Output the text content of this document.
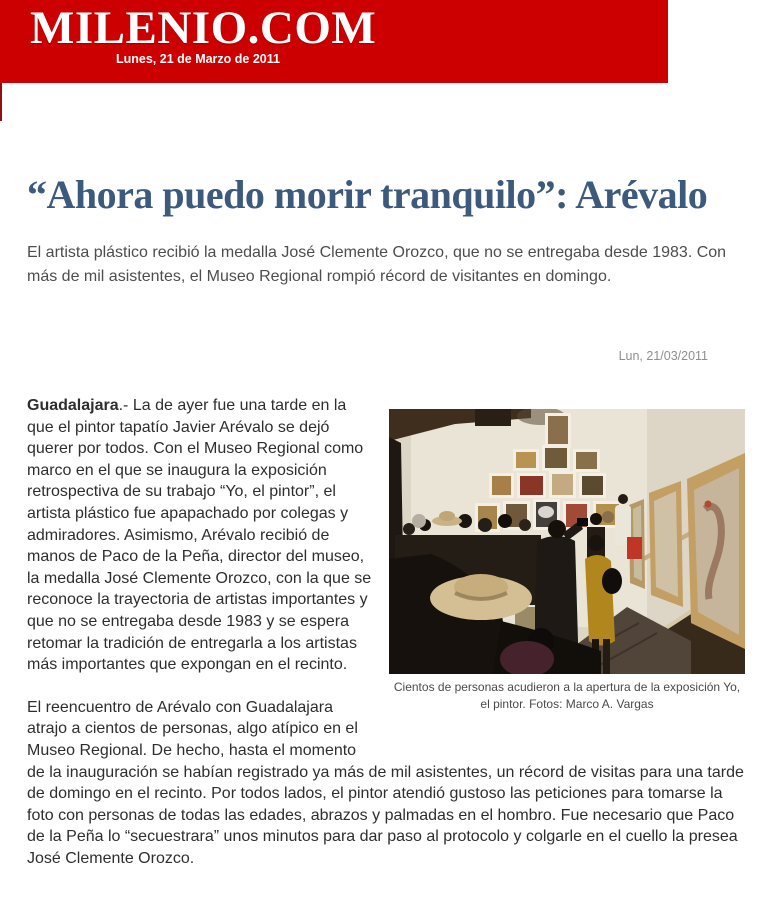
MILENIO.COM
Lunes, 21 de Marzo de 2011
“Ahora puedo morir tranquilo”: Arévalo
El artista plástico recibió la medalla José Clemente Orozco, que no se entregaba desde 1983. Con más de mil asistentes, el Museo Regional rompió récord de visitantes en domingo.
Lun, 21/03/2011
Cientos de personas acudieron a la apertura de la exposición Yo, el pintor. Fotos: Marco A. Vargas

Guadalajara.- La de ayer fue una tarde en la que el pintor tapatío Javier Arévalo se dejó querer por todos. Con el Museo Regional como marco en el que se inaugura la exposición retrospectiva de su trabajo “Yo, el pintor”, el artista plástico fue apapachado por colegas y admiradores. Asimismo, Arévalo recibió de manos de Paco de la Peña, director del museo, la medalla José Clemente Orozco, con la que se reconoce la trayectoria de artistas importantes y que no se entregaba desde 1983 y se espera retomar la tradición de entregarla a los artistas más importantes que expongan en el recinto.

El reencuentro de Arévalo con Guadalajara atrajo a cientos de personas, algo atípico en el Museo Regional. De hecho, hasta el momento de la inauguración se habían registrado ya más de mil asistentes, un récord de visitas para una tarde de domingo en el recinto. Por todos lados, el pintor atendió gustoso las peticiones para tomarse la foto con personas de todas las edades, abrazos y palmadas en el hombro. Fue necesario que Paco de la Peña lo “secuestrara” unos minutos para dar paso al protocolo y colgarle en el cuello la presea José Clemente Orozco.
